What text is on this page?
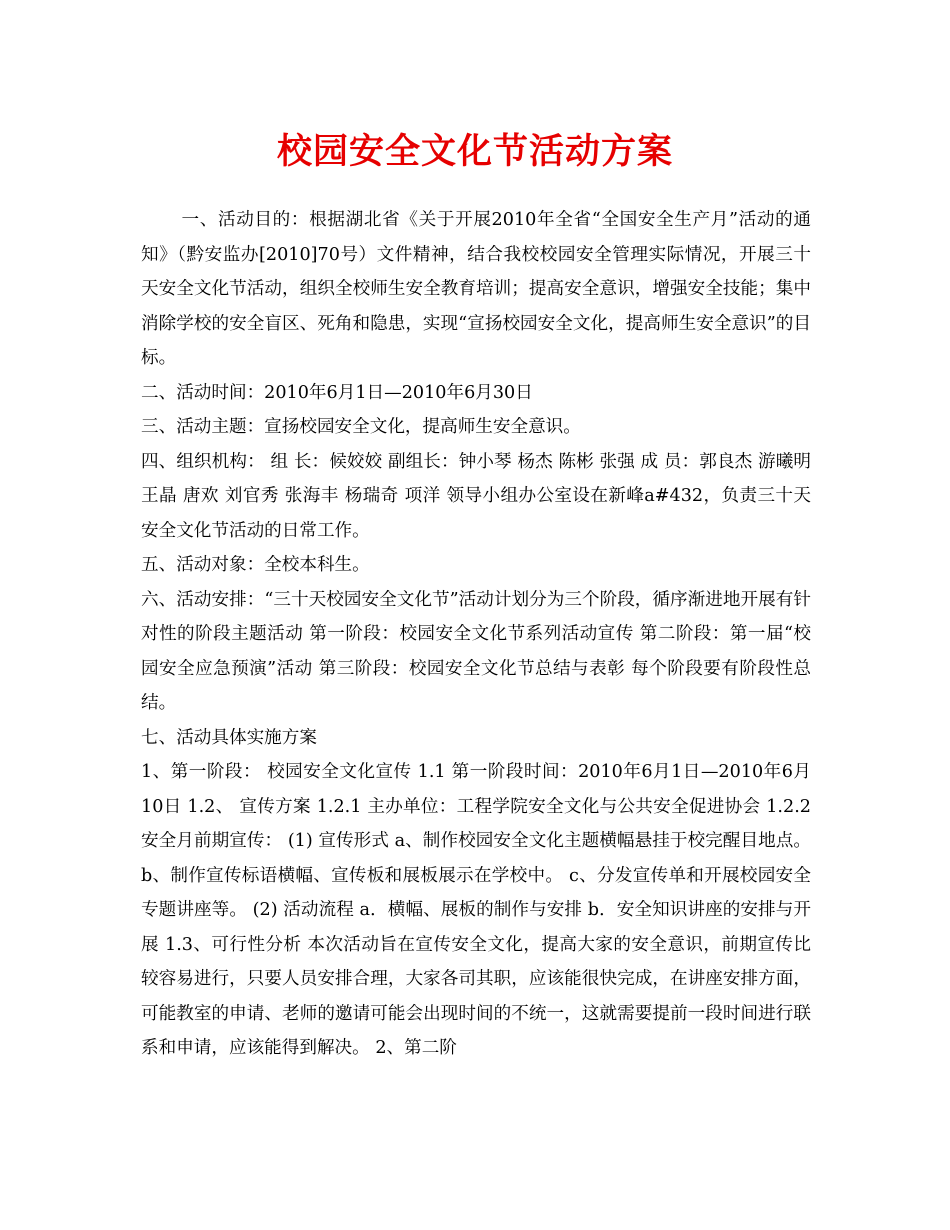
校园安全文化节活动方案

一、活动目的：根据湖北省《关于开展2010年全省“全国安全生产月”活动的通知》（黔安监办[2010]70号）文件精神，结合我校校园安全管理实际情况，开展三十天安全文化节活动，组织全校师生安全教育培训；提高安全意识，增强安全技能；集中消除学校的安全盲区、死角和隐患，实现“宣扬校园安全文化，提高师生安全意识”的目标。

二、活动时间：2010年6月1日—2010年6月30日

三、活动主题：宣扬校园安全文化，提高师生安全意识。

四、组织机构： 组 长：候姣姣 副组长：钟小琴 杨杰 陈彬 张强 成 员：郭良杰 游曦明 王晶 唐欢 刘官秀 张海丰 杨瑞奇 项洋 领导小组办公室设在新峰a#432，负责三十天安全文化节活动的日常工作。

五、活动对象：全校本科生。

六、活动安排：“三十天校园安全文化节”活动计划分为三个阶段，循序渐进地开展有针对性的阶段主题活动 第一阶段：校园安全文化节系列活动宣传 第二阶段：第一届“校园安全应急预演”活动 第三阶段：校园安全文化节总结与表彰 每个阶段要有阶段性总结。

七、活动具体实施方案

1、第一阶段： 校园安全文化宣传 1.1 第一阶段时间：2010年6月1日—2010年6月10日 1.2、 宣传方案 1.2.1 主办单位：工程学院安全文化与公共安全促进协会 1.2.2 安全月前期宣传： (1) 宣传形式 a、制作校园安全文化主题横幅悬挂于校完醒目地点。 b、制作宣传标语横幅、宣传板和展板展示在学校中。 c、分发宣传单和开展校园安全专题讲座等。 (2) 活动流程 a．横幅、展板的制作与安排 b．安全知识讲座的安排与开展 1.3、可行性分析 本次活动旨在宣传安全文化，提高大家的安全意识，前期宣传比较容易进行，只要人员安排合理，大家各司其职，应该能很快完成，在讲座安排方面，可能教室的申请、老师的邀请可能会出现时间的不统一，这就需要提前一段时间进行联系和申请，应该能得到解决。 2、第二阶
